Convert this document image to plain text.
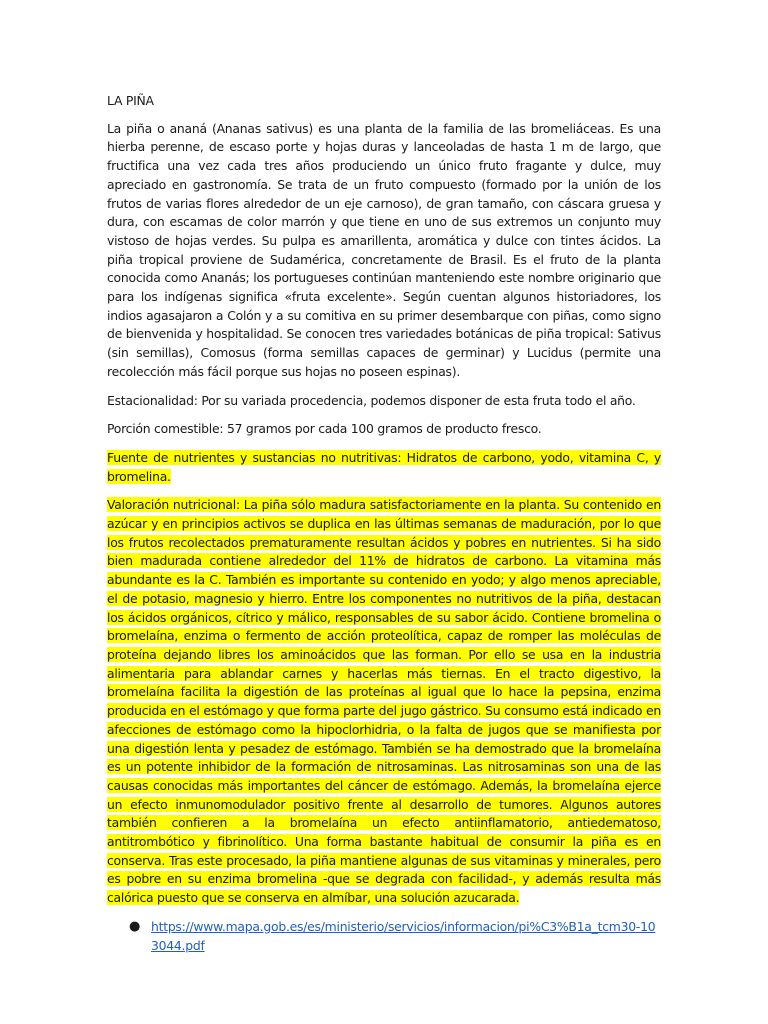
LA PIÑA

La piña o ananá (Ananas sativus) es una planta de la familia de las bromeliáceas. Es una hierba perenne, de escaso porte y hojas duras y lanceoladas de hasta 1 m de largo, que fructifica una vez cada tres años produciendo un único fruto fragante y dulce, muy apreciado en gastronomía. Se trata de un fruto compuesto (formado por la unión de los frutos de varias flores alrededor de un eje carnoso), de gran tamaño, con cáscara gruesa y dura, con escamas de color marrón y que tiene en uno de sus extremos un conjunto muy vistoso de hojas verdes. Su pulpa es amarillenta, aromática y dulce con tintes ácidos. La piña tropical proviene de Sudamérica, concretamente de Brasil. Es el fruto de la planta conocida como Ananás; los portugueses continúan manteniendo este nombre originario que para los indígenas significa «fruta excelente». Según cuentan algunos historiadores, los indios agasajaron a Colón y a su comitiva en su primer desembarque con piñas, como signo de bienvenida y hospitalidad. Se conocen tres variedades botánicas de piña tropical: Sativus (sin semillas), Comosus (forma semillas capaces de germinar) y Lucidus (permite una recolección más fácil porque sus hojas no poseen espinas).

Estacionalidad: Por su variada procedencia, podemos disponer de esta fruta todo el año.

Porción comestible: 57 gramos por cada 100 gramos de producto fresco.

Fuente de nutrientes y sustancias no nutritivas: Hidratos de carbono, yodo, vitamina C, y bromelina.

Valoración nutricional: La piña sólo madura satisfactoriamente en la planta. Su contenido en azúcar y en principios activos se duplica en las últimas semanas de maduración, por lo que los frutos recolectados prematuramente resultan ácidos y pobres en nutrientes. Si ha sido bien madurada contiene alrededor del 11% de hidratos de carbono. La vitamina más abundante es la C. También es importante su contenido en yodo; y algo menos apreciable, el de potasio, magnesio y hierro. Entre los componentes no nutritivos de la piña, destacan los ácidos orgánicos, cítrico y málico, responsables de su sabor ácido. Contiene bromelina o bromelaína, enzima o fermento de acción proteolítica, capaz de romper las moléculas de proteína dejando libres los aminoácidos que las forman. Por ello se usa en la industria alimentaria para ablandar carnes y hacerlas más tiernas. En el tracto digestivo, la bromelaína facilita la digestión de las proteínas al igual que lo hace la pepsina, enzima producida en el estómago y que forma parte del jugo gástrico. Su consumo está indicado en afecciones de estómago como la hipoclorhidria, o la falta de jugos que se manifiesta por una digestión lenta y pesadez de estómago. También se ha demostrado que la bromelaína es un potente inhibidor de la formación de nitrosaminas. Las nitrosaminas son una de las causas conocidas más importantes del cáncer de estómago. Además, la bromelaína ejerce un efecto inmunomodulador positivo frente al desarrollo de tumores. Algunos autores también confieren a la bromelaína un efecto antiinflamatorio, antiedematoso, antitrombótico y fibrinolítico. Una forma bastante habitual de consumir la piña es en conserva. Tras este procesado, la piña mantiene algunas de sus vitaminas y minerales, pero es pobre en su enzima bromelina -que se degrada con facilidad-, y además resulta más calórica puesto que se conserva en almíbar, una solución azucarada.

● https://www.mapa.gob.es/es/ministerio/servicios/informacion/pi%C3%B1a_tcm30-103044.pdf
